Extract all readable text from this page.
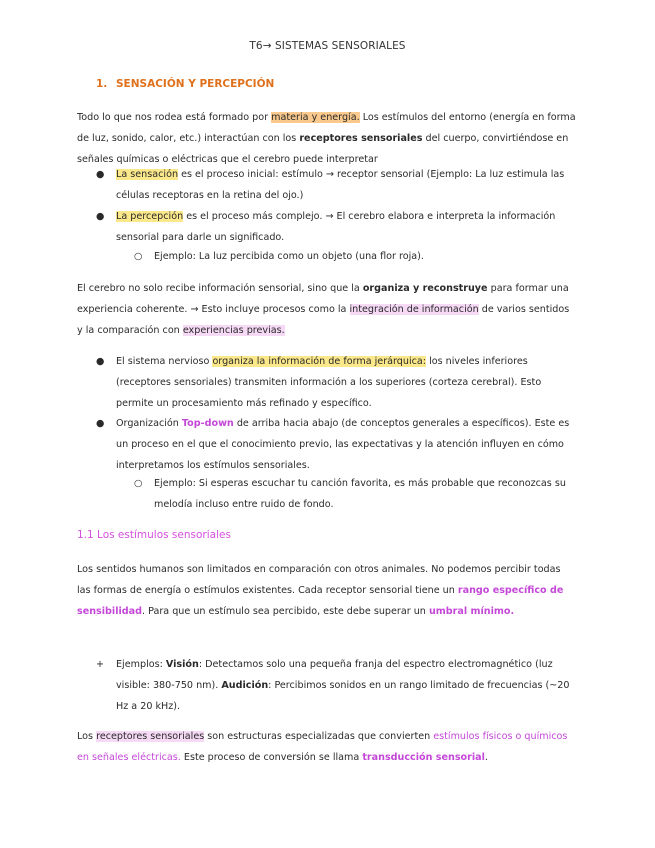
T6→ SISTEMAS SENSORIALES
1. SENSACIÓN Y PERCEPCIÓN

Todo lo que nos rodea está formado por materia y energía. Los estímulos del entorno (energía en forma de luz, sonido, calor, etc.) interactúan con los receptores sensoriales del cuerpo, convirtiéndose en señales químicas o eléctricas que el cerebro puede interpretar

●	La sensación es el proceso inicial: estímulo → receptor sensorial (Ejemplo: La luz estimula las células receptoras en la retina del ojo.)

●	La percepción es el proceso más complejo. → El cerebro elabora e interpreta la información sensorial para darle un significado.

○	Ejemplo: La luz percibida como un objeto (una flor roja).

El cerebro no solo recibe información sensorial, sino que la organiza y reconstruye para formar una experiencia coherente. → Esto incluye procesos como la integración de información de varios sentidos y la comparación con experiencias previas.

●	El sistema nervioso organiza la información de forma jerárquica: los niveles inferiores (receptores sensoriales) transmiten información a los superiores (corteza cerebral). Esto permite un procesamiento más refinado y específico.

●	Organización Top-down de arriba hacia abajo (de conceptos generales a específicos). Este es un proceso en el que el conocimiento previo, las expectativas y la atención influyen en cómo interpretamos los estímulos sensoriales.

○	Ejemplo: Si esperas escuchar tu canción favorita, es más probable que reconozcas su melodía incluso entre ruido de fondo.

1.1 Los estímulos sensoriales

Los sentidos humanos son limitados en comparación con otros animales. No podemos percibir todas las formas de energía o estímulos existentes. Cada receptor sensorial tiene un rango específico de sensibilidad. Para que un estímulo sea percibido, este debe superar un umbral mínimo.

+	Ejemplos: Visión: Detectamos solo una pequeña franja del espectro electromagnético (luz visible: 380-750 nm). Audición: Percibimos sonidos en un rango limitado de frecuencias (~20 Hz a 20 kHz).

Los receptores sensoriales son estructuras especializadas que convierten estímulos físicos o químicos en señales eléctricas. Este proceso de conversión se llama transducción sensorial.
